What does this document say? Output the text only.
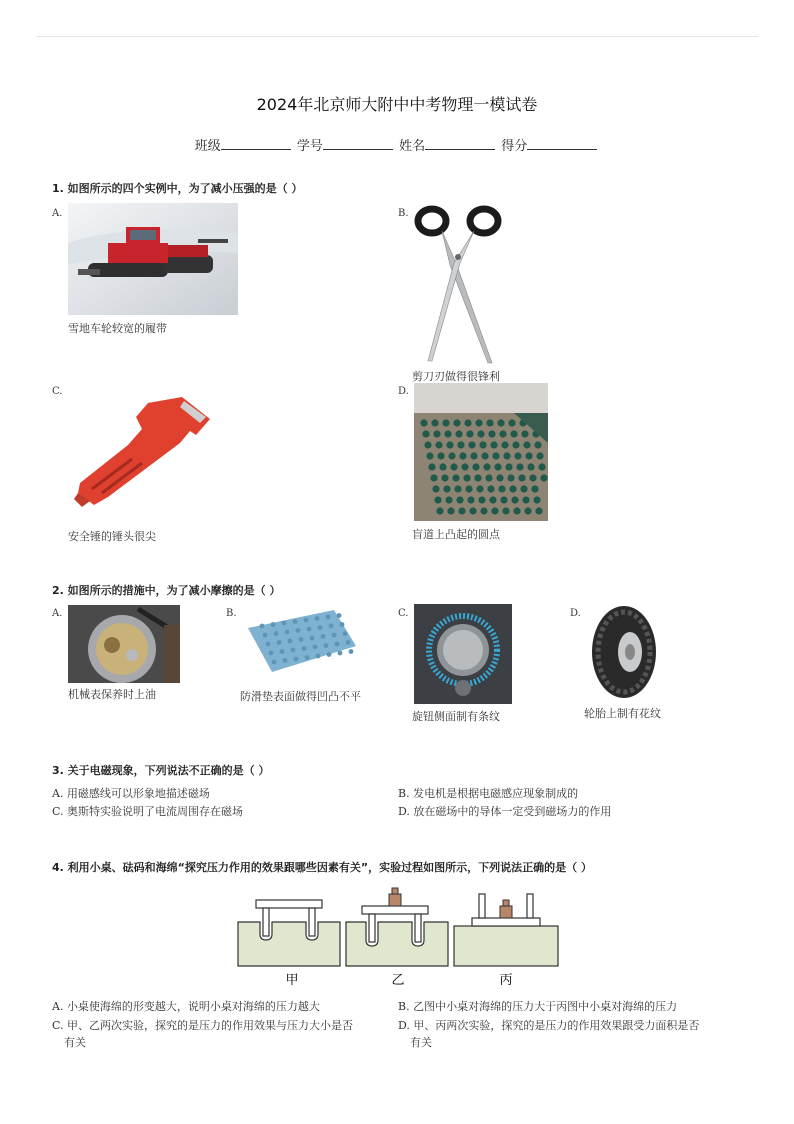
2024年北京师大附中中考物理一模试卷
班级	学号	姓名	得分
1. 如图所示的四个实例中，为了减小压强的是（ ）
A.
雪地车轮较宽的履带
B.
剪刀刃做得很锋利
C.
安全锤的锤头很尖
D.
盲道上凸起的圆点
2. 如图所示的措施中，为了减小摩擦的是（ ）
A.
机械表保养时上油
B.
防滑垫表面做得凹凸不平
C.
旋钮侧面制有条纹
D.
轮胎上制有花纹
3. 关于电磁现象，下列说法不正确的是（ ）
A. 用磁感线可以形象地描述磁场	B. 发电机是根据电磁感应现象制成的
C. 奥斯特实验说明了电流周围存在磁场	D. 放在磁场中的导体一定受到磁场力的作用
4. 利用小桌、砝码和海绵“探究压力作用的效果跟哪些因素有关”，实验过程如图所示，下列说法正确的是（ ）
甲	乙	丙
A. 小桌使海绵的形变越大，说明小桌对海绵的压力越大	B. 乙图中小桌对海绵的压力大于丙图中小桌对海绵的压力
C. 甲、乙两次实验，探究的是压力的作用效果与压力大小是否
有关
D. 甲、丙两次实验，探究的是压力的作用效果跟受力面积是否
有关
